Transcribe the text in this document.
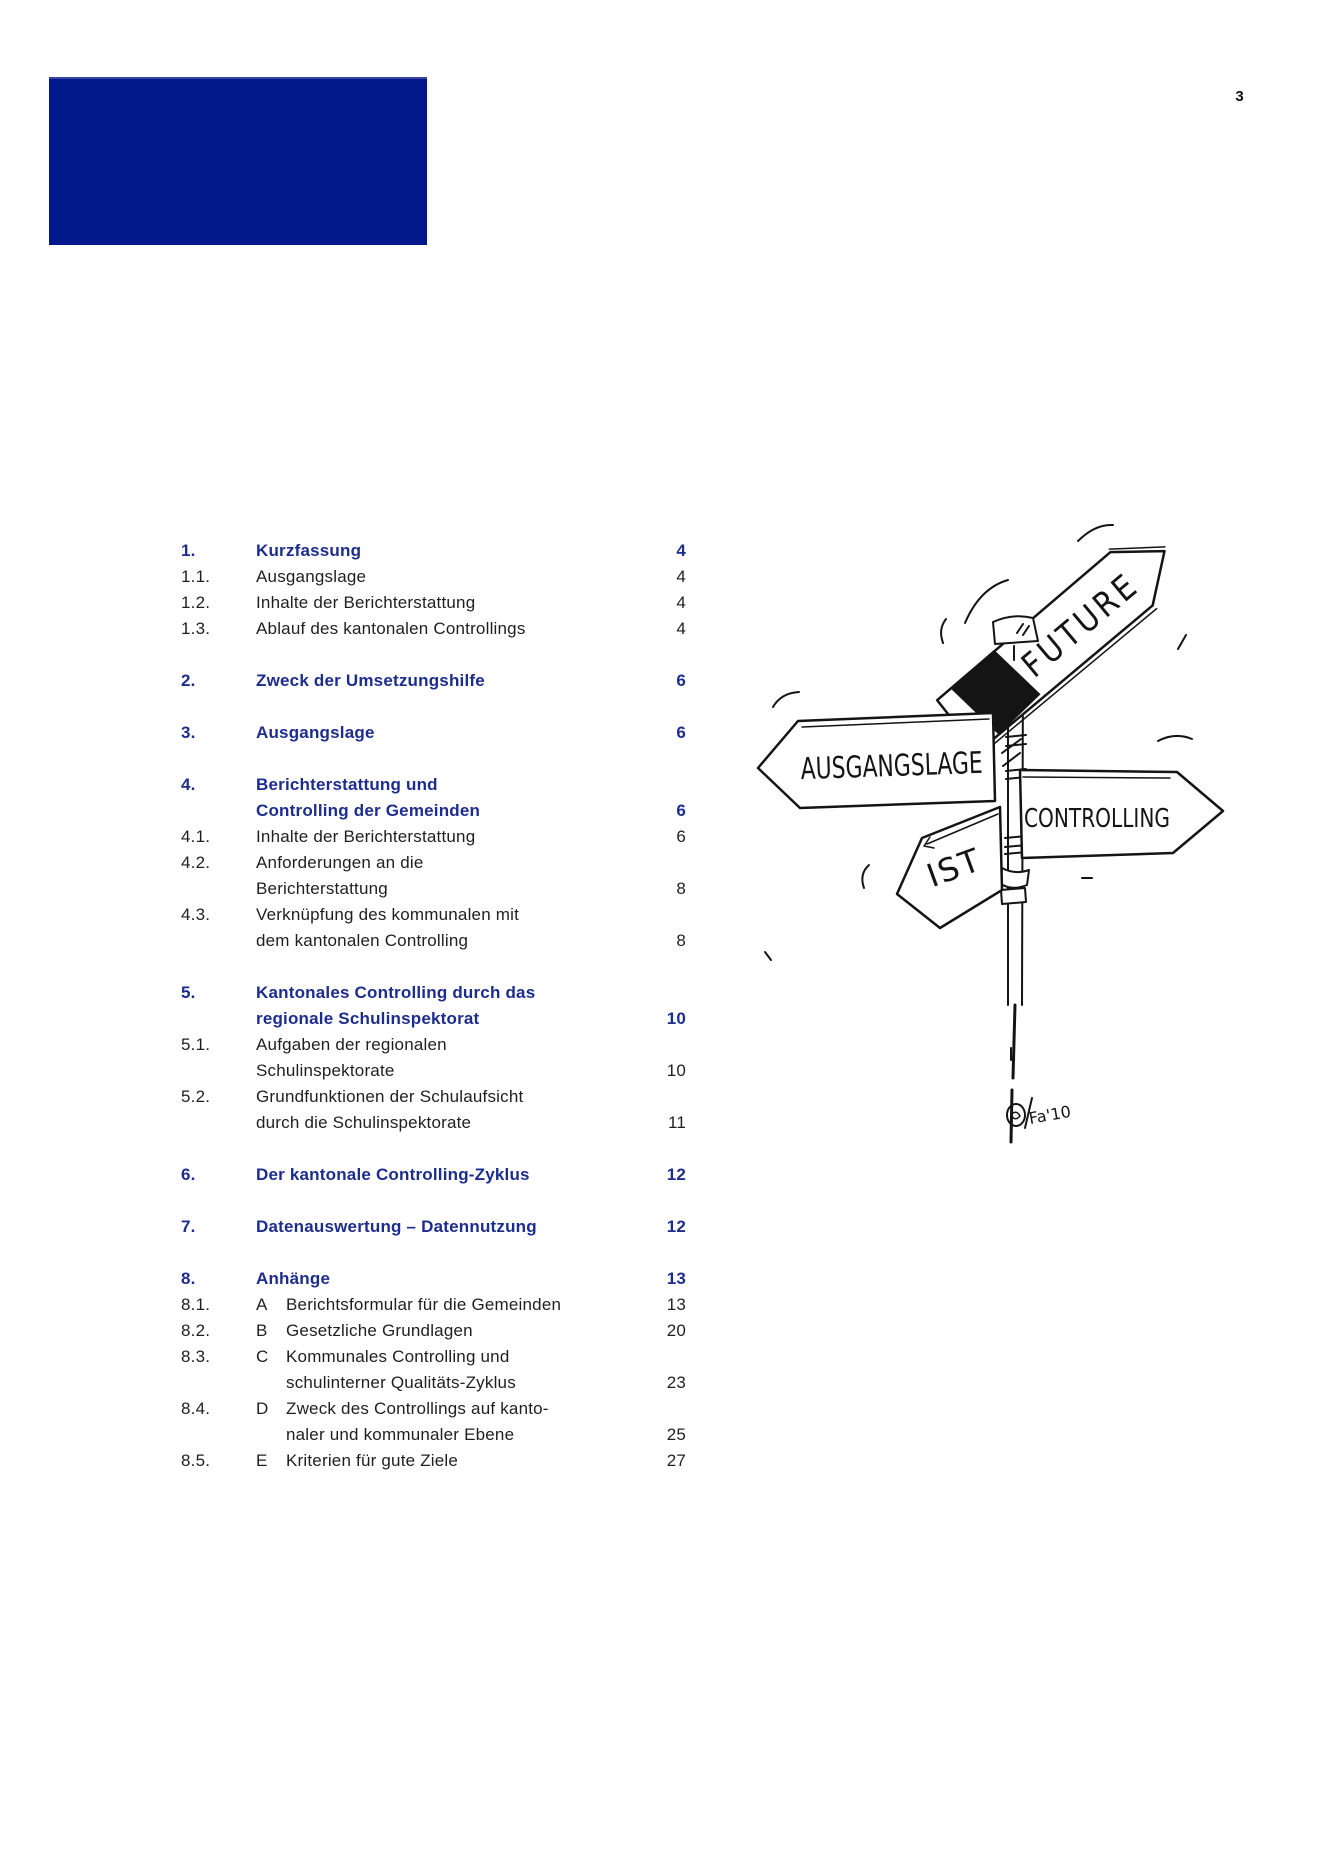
3
1.	Kurzfassung	4
1.1.	Ausgangslage	4
1.2.	Inhalte der Berichterstattung	4
1.3.	Ablauf des kantonalen Controllings	4
2.	Zweck der Umsetzungshilfe	6
3.	Ausgangslage	6
4.	Berichterstattung und
Controlling der Gemeinden	6
4.1.	Inhalte der Berichterstattung	6
4.2.	Anforderungen an die
Berichterstattung	8
4.3.	Verknüpfung des kommunalen mit
dem kantonalen Controlling	8
5.	Kantonales Controlling durch das
regionale Schulinspektorat	10
5.1.	Aufgaben der regionalen
Schulinspektorate	10
5.2.	Grundfunktionen der Schulaufsicht
durch die Schulinspektorate	11
6.	Der kantonale Controlling-Zyklus	12
7.	Datenauswertung – Datennutzung	12
8.	Anhänge	13
8.1.	A Berichtsformular für die Gemeinden	13
8.2.	B Gesetzliche Grundlagen	20
8.3.	C Kommunales Controlling und
schulinterner Qualitäts-Zyklus	23
8.4.	D Zweck des Controllings auf kanto-
naler und kommunaler Ebene	25
8.5.	E Kriterien für gute Ziele	27
FUTURE
AUSGANGSLAGE
IST
CONTROLLING
Fa'10
